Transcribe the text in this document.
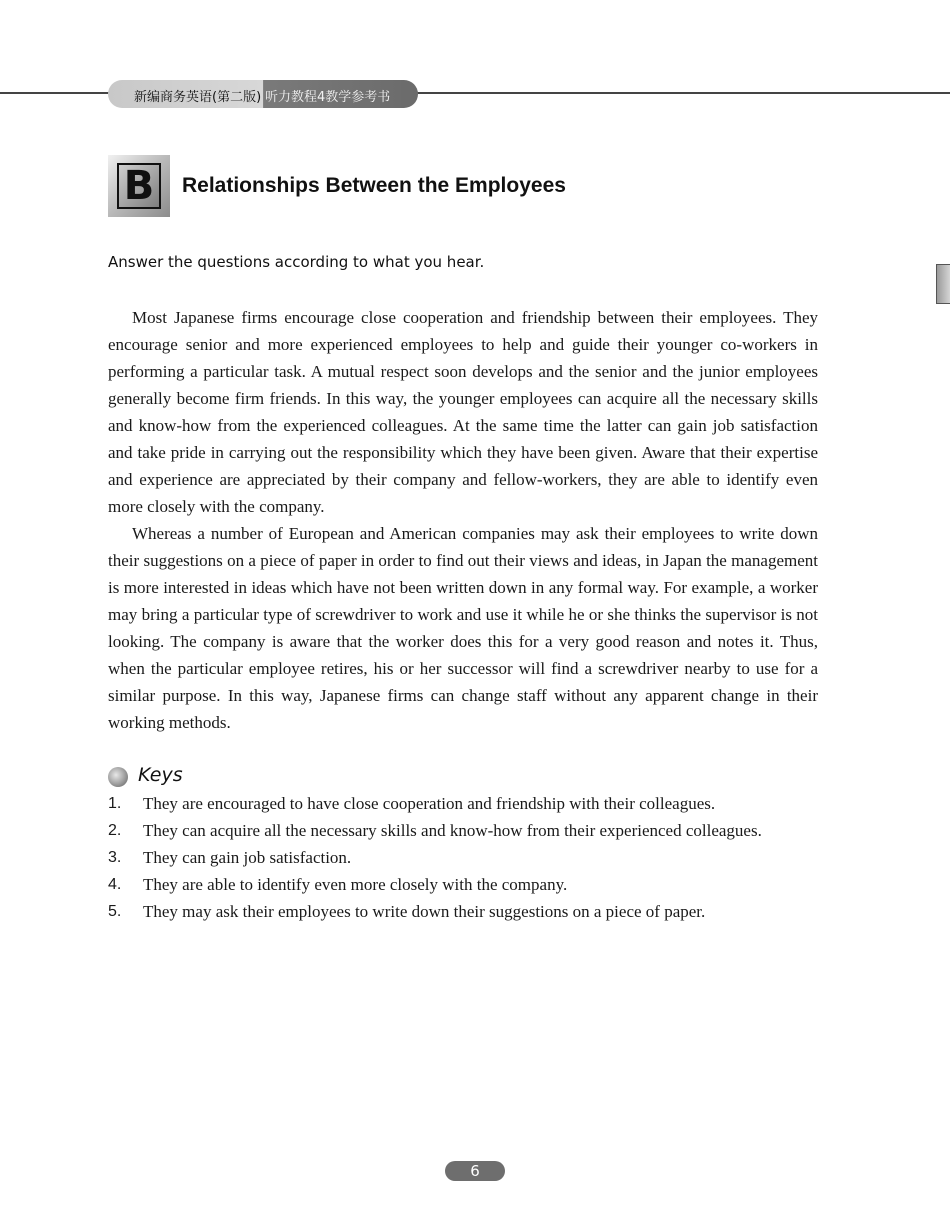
新编商务英语(第二版) 听力教程4教学参考书
B	Relationships Between the Employees
Answer the questions according to what you hear.

Most Japanese firms encourage close cooperation and friendship between their employees. They encourage senior and more experienced employees to help and guide their younger co-workers in performing a particular task. A mutual respect soon develops and the senior and the junior employees generally become firm friends. In this way, the younger employees can acquire all the necessary skills and know-how from the experienced colleagues. At the same time the latter can gain job satisfaction and take pride in carrying out the responsibility which they have been given. Aware that their expertise and experience are appreciated by their company and fellow-workers, they are able to identify even more closely with the company.

Whereas a number of European and American companies may ask their employees to write down their suggestions on a piece of paper in order to find out their views and ideas, in Japan the management is more interested in ideas which have not been written down in any formal way. For example, a worker may bring a particular type of screwdriver to work and use it while he or she thinks the supervisor is not looking. The company is aware that the worker does this for a very good reason and notes it. Thus, when the particular employee retires, his or her successor will find a screwdriver nearby to use for a similar purpose. In this way, Japanese firms can change staff without any apparent change in their working methods.

Keys
1. They are encouraged to have close cooperation and friendship with their colleagues.
2. They can acquire all the necessary skills and know-how from their experienced colleagues.
3. They can gain job satisfaction.
4. They are able to identify even more closely with the company.
5. They may ask their employees to write down their suggestions on a piece of paper.
6
